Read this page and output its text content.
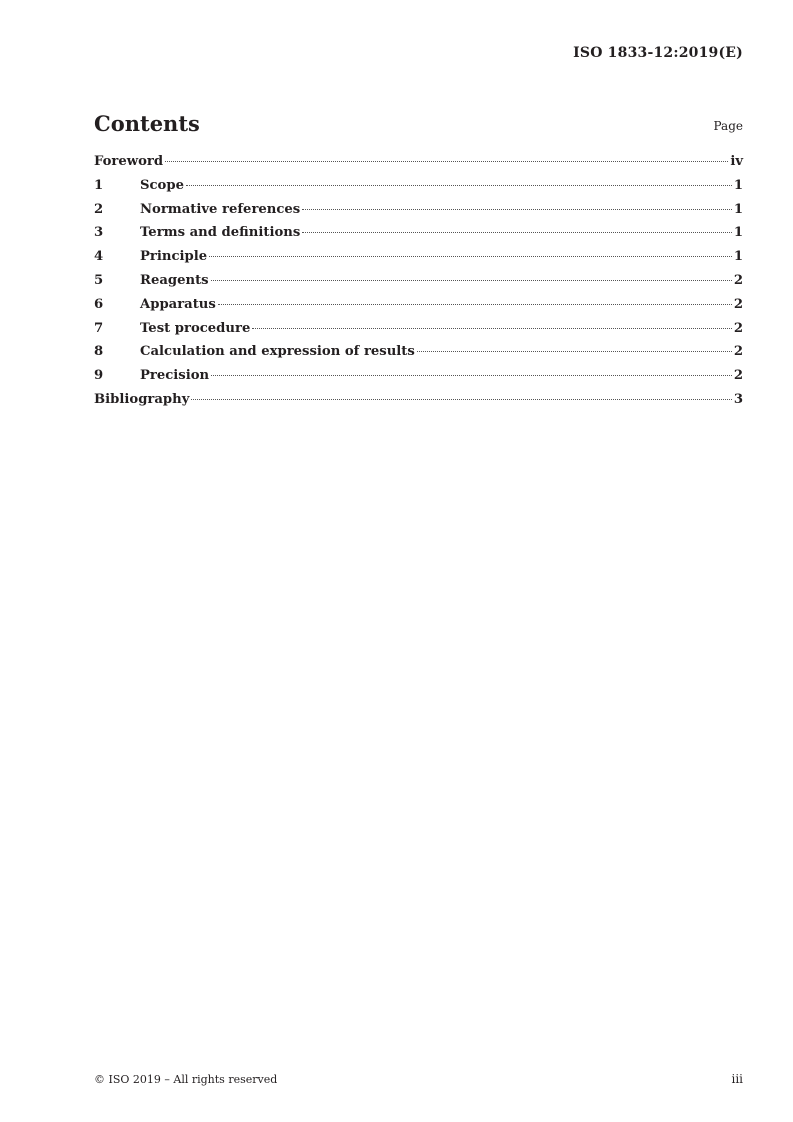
ISO 1833-12:2019(E)
Contents	Page
Foreword	iv
1	Scope	1
2	Normative references	1
3	Terms and definitions	1
4	Principle	1
5	Reagents	2
6	Apparatus	2
7	Test procedure	2
8	Calculation and expression of results	2
9	Precision	2
Bibliography	3
© ISO 2019 – All rights reserved	iii
